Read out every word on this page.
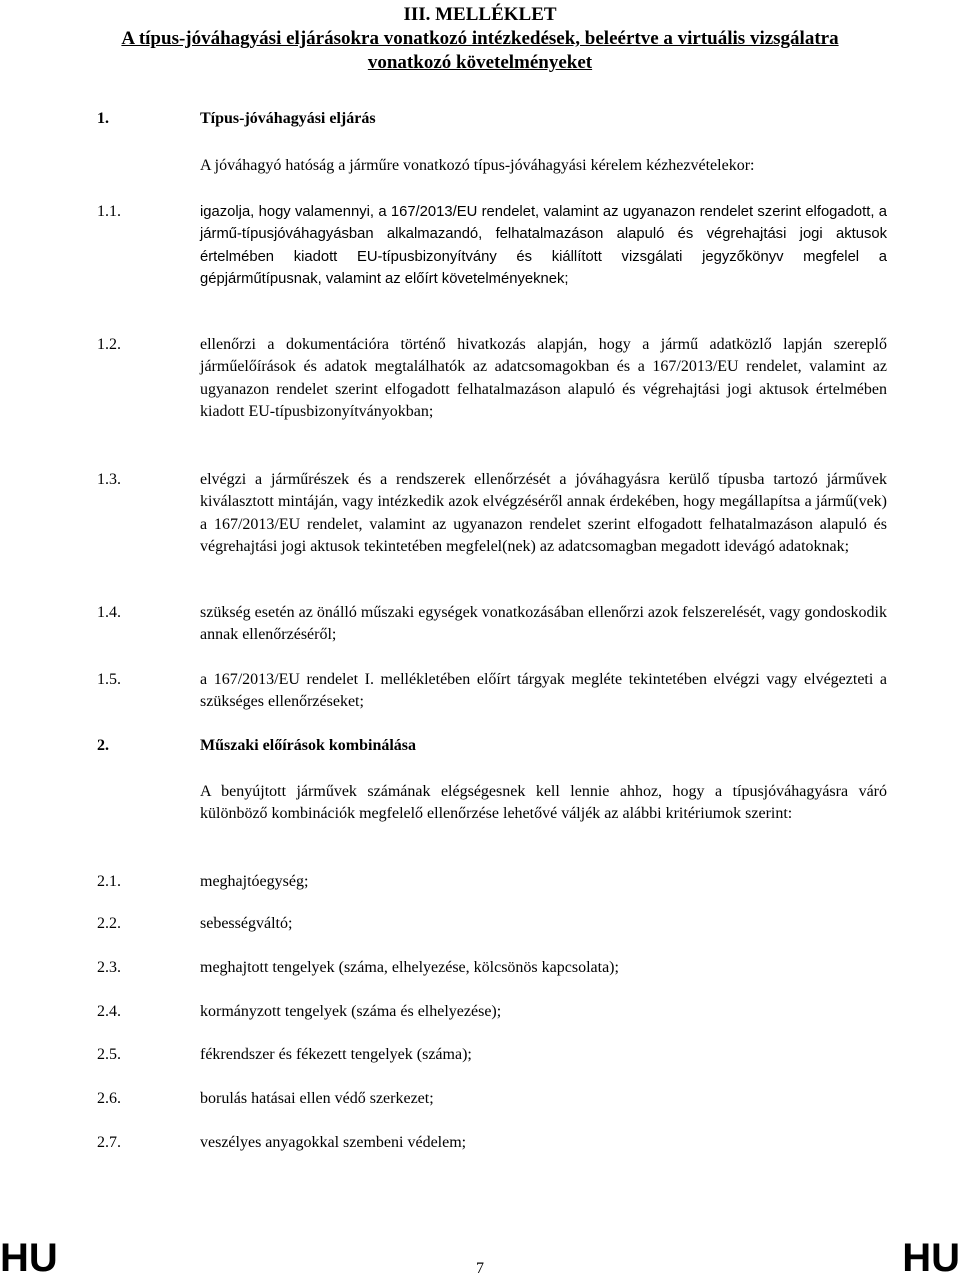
III. MELLÉKLET
A típus-jóváhagyási eljárásokra vonatkozó intézkedések, beleértve a virtuális vizsgálatra
vonatkozó követelményeket
1.	Típus-jóváhagyási eljárás
A jóváhagyó hatóság a járműre vonatkozó típus-jóváhagyási kérelem kézhezvételekor:
1.1.	igazolja, hogy valamennyi, a 167/2013/EU rendelet, valamint az ugyanazon rendelet szerint elfogadott, a jármű-típusjóváhagyásban alkalmazandó, felhatalmazáson alapuló és végrehajtási jogi aktusok értelmében kiadott EU-típusbizonyítvány és kiállított vizsgálati jegyzőkönyv megfelel a gépjárműtípusnak, valamint az előírt követelményeknek;
1.2.	ellenőrzi a dokumentációra történő hivatkozás alapján, hogy a jármű adatközlő lapján szereplő járműelőírások és adatok megtalálhatók az adatcsomagokban és a 167/2013/EU rendelet, valamint az ugyanazon rendelet szerint elfogadott felhatalmazáson alapuló és végrehajtási jogi aktusok értelmében kiadott EU-típusbizonyítványokban;
1.3.	elvégzi a járműrészek és a rendszerek ellenőrzését a jóváhagyásra kerülő típusba tartozó járművek kiválasztott mintáján, vagy intézkedik azok elvégzéséről annak érdekében, hogy megállapítsa a jármű(vek) a 167/2013/EU rendelet, valamint az ugyanazon rendelet szerint elfogadott felhatalmazáson alapuló és végrehajtási jogi aktusok tekintetében megfelel(nek) az adatcsomagban megadott idevágó adatoknak;
1.4.	szükség esetén az önálló műszaki egységek vonatkozásában ellenőrzi azok felszerelését, vagy gondoskodik annak ellenőrzéséről;
1.5.	a 167/2013/EU rendelet I. mellékletében előírt tárgyak megléte tekintetében elvégzi vagy elvégezteti a szükséges ellenőrzéseket;
2.	Műszaki előírások kombinálása
A benyújtott járművek számának elégségesnek kell lennie ahhoz, hogy a típusjóváhagyásra váró különböző kombinációk megfelelő ellenőrzése lehetővé váljék az alábbi kritériumok szerint:
2.1.	meghajtóegység;
2.2.	sebességváltó;
2.3.	meghajtott tengelyek (száma, elhelyezése, kölcsönös kapcsolata);
2.4.	kormányzott tengelyek (száma és elhelyezése);
2.5.	fékrendszer és fékezett tengelyek (száma);
2.6.	borulás hatásai ellen védő szerkezet;
2.7.	veszélyes anyagokkal szembeni védelem;
HU	7	HU
